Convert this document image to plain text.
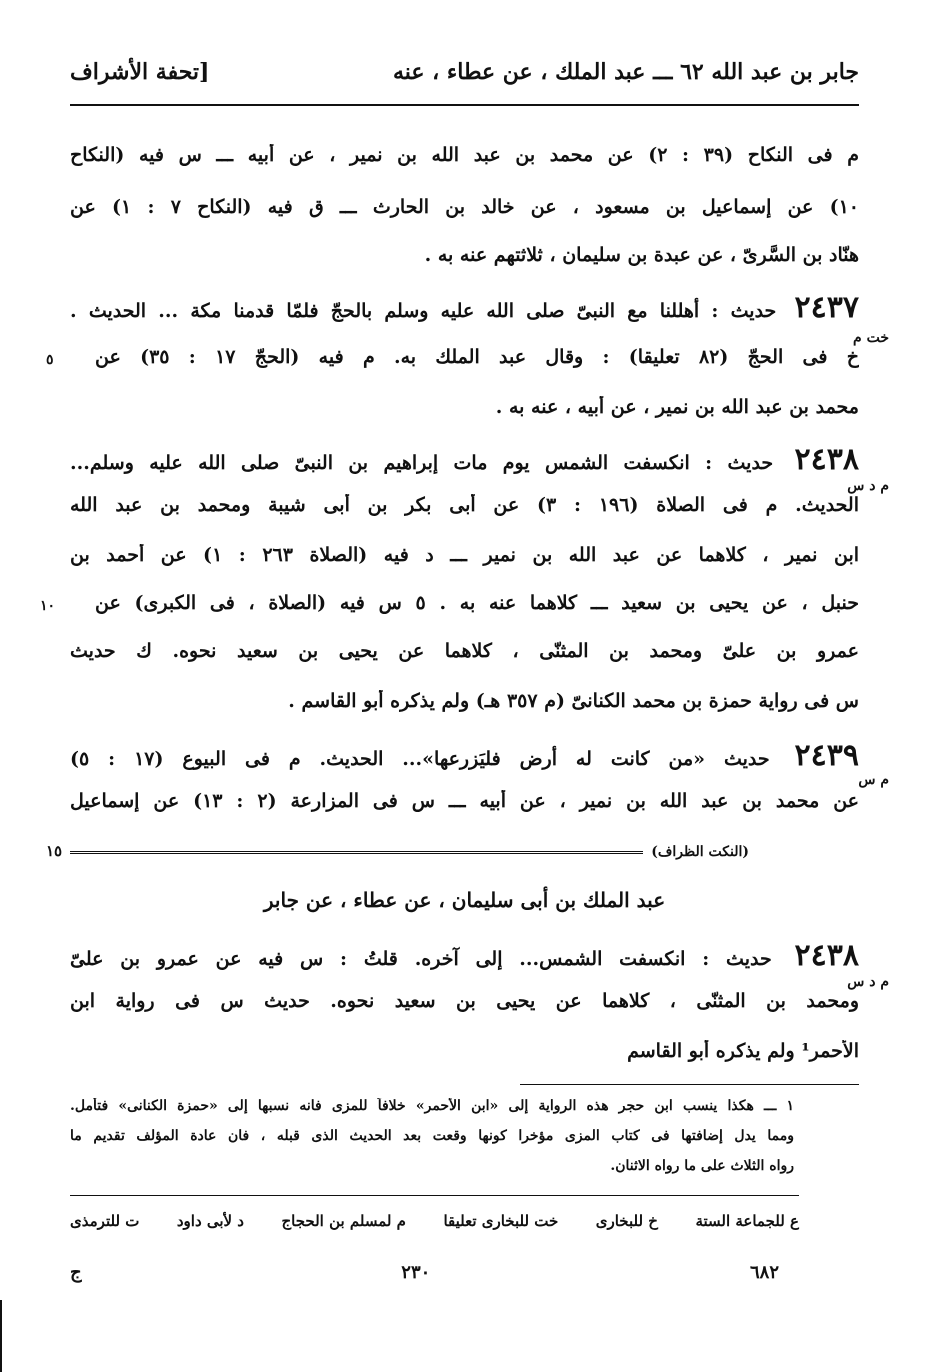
جابر بن عبد الله ٦٢ ـــ عبد الملك ، عن عطاء ، عنه
[تحفة الأشراف
م فى النكاح (٣٩ : ٢) عن محمد بن عبد الله بن نمير ، عن أبيه ـــ س فيه (النكاح
١٠) عن إسماعيل بن مسعود ، عن خالد بن الحارث ـــ ق فيه (النكاح ٧ : ١) عن
هنّاد بن السَّرىّ ، عن عبدة بن سليمان ، ثلاثتهم عنه به .
٢٤٣٧ حديث : أهللنا مع النبىّ صلى الله عليه وسلم بالحجّ فلمّا قدمنا مكة ... الحديث .
خت م
خ فى الحجّ (٨٢ تعليقا) : وقال عبد الملك به. م فيه (الحجّ ١٧ : ٣٥) عن
٥
محمد بن عبد الله بن نمير ، عن أبيه ، عنه به .
٢٤٣٨ حديث : انكسفت الشمس يوم مات إبراهيم بن النبىّ صلى الله عليه وسلم...
م د س
الحديث. م فى الصلاة (١٩٦ : ٣) عن أبى بكر بن أبى شيبة ومحمد بن عبد الله
ابن نمير ، كلاهما عن عبد الله بن نمير ـــ د فيه (الصلاة ٢٦٣ : ١) عن أحمد بن
حنبل ، عن يحيى بن سعيد ـــ كلاهما عنه به . ٥ س فيه (الصلاة ، فى الكبرى) عن
١٠
عمرو بن علىّ ومحمد بن المثنّى ، كلاهما عن يحيى بن سعيد نحوه. ك حديث
س فى رواية حمزة بن محمد الكنانىّ (م ٣٥٧ هـ) ولم يذكره أبو القاسم .
٢٤٣٩ حديث «من كانت له أرض فليَزرعها»... الحديث. م فى البيوع (١٧ : ٥)
م س
عن محمد بن عبد الله بن نمير ، عن أبيه ـــ س فى المزارعة (٢ : ١٣) عن إسماعيل
(النكت الظراف)
١٥
عبد الملك بن أبى سليمان ، عن عطاء ، عن جابر
٢٤٣٨ حديث : انكسفت الشمس... إلى آخره. قلتُ : س فيه عن عمرو بن علىّ
م د س
ومحمد بن المثنّى ، كلاهما عن يحيى بن سعيد نحوه. حديث س فى رواية ابن
الأحمر¹ ولم يذكره أبو القاسم
١ ـــ هكذا ينسب ابن حجر هذه الرواية إلى «ابن الأحمر» خلافاً للمزى فانه نسبها إلى «حمزة الكنانى» فتأمل.
ومما يدل إضافتها فى كتاب المزى مؤخرا كونها وقعت بعد الحديث الذى قبله ، فان عادة المؤلف تقديم ما
رواه الثلاث على ما رواه الاثنان.
ع للجماعة الستة
خ للبخارى
خت للبخارى تعليقا
م لمسلم بن الحجاج
د لأبى داود
ت للترمذى
٦٨٢
٢٣٠
ج
